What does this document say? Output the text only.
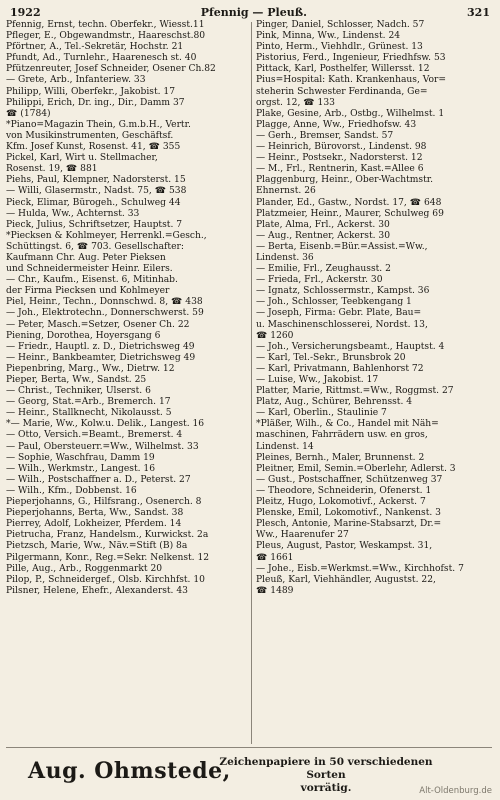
1922	Pfennig — Pleuß.	321
Pfennig, Ernst, techn. Oberfekr., Wiesst.11
Pfleger, E., Obgewandmstr., Haareschst.80
Pförtner, A., Tel.-Sekretär, Hochstr. 21
Pfundt, Ad., Turnlehr., Haarenesch st. 40
Pfützenreuter, Josef Schneider, Osener Ch.82
— Grete, Arb., Infanteriew. 33
Philipp, Willi, Oberfekr., Jakobist. 17
Philippi, Erich, Dr. ing., Dir., Damm 37
☎ (1784)
*Piano=Magazin Thein, G.m.b.H., Vertr.
von Musikinstrumenten, Geschäftsf.
Kfm. Josef Kunst, Rosenst. 41, ☎ 355
Pickel, Karl, Wirt u. Stellmacher,
Rosenst. 19, ☎ 881
Piehs, Paul, Klempner, Nadorsterst. 15
— Willi, Glasermstr., Nadst. 75, ☎ 538
Pieck, Elimar, Bürogeh., Schulweg 44
— Hulda, Ww., Achternst. 33
Pieck, Julius, Schriftsetzer, Hauptst. 7
*Piecksen & Kohlmeyer, Herrenkl.=Gesch.,
Schüttingst. 6, ☎ 703. Gesellschafter:
Kaufmann Chr. Aug. Peter Pieksen
und Schneidermeister Heinr. Eilers.
— Chr., Kaufm., Eisenst. 6, Mitinhab.
der Firma Piecksen und Kohlmeyer
Piel, Heinr., Techn., Donnschwd. 8, ☎ 438
— Joh., Elektrotechn., Donnerschwerst. 59
— Peter, Masch.=Setzer, Osener Ch. 22
Piening, Dorothea, Hoyersgang 6
— Friedr., Hauptl. z. D., Dietrichsweg 49
— Heinr., Bankbeamter, Dietrichsweg 49
Piepenbring, Marg., Ww., Dietrw. 12
Pieper, Berta, Ww., Sandst. 25
— Christ., Techniker, Ulserst. 6
— Georg, Stat.=Arb., Bremerch. 17
— Heinr., Stallknecht, Nikolausst. 5
*— Marie, Ww., Kolw.u. Delik., Langest. 16
— Otto, Versich.=Beamt., Bremerst. 4
— Paul, Obersteuerr.=Ww., Wilhelmst. 33
— Sophie, Waschfrau, Damm 19
— Wilh., Werkmstr., Langest. 16
— Wilh., Postschaffner a. D., Peterst. 27
— Wilh., Kfm., Dobbenst. 16
Pieperjohanns, G., Hilfsrang., Osenerch. 8
Pieperjohanns, Berta, Ww., Sandst. 38
Pierrey, Adolf, Lokheizer, Pferdem. 14
Pietrucha, Franz, Handelsm., Kurwickst. 2a
Pietzsch, Marie, Ww., Näv.=Stift (B) 8a
Pilgermann, Konr., Reg.=Sekr. Nelkenst. 12
Pille, Aug., Arb., Roggenmarkt 20
Pilop, P., Schneidergef., Olsb. Kirchhfst. 10
Pilsner, Helene, Ehefr., Alexanderst. 43
Pinger, Daniel, Schlosser, Nadch. 57
Pink, Minna, Ww., Lindenst. 24
Pinto, Herm., Viehhdlr., Grünest. 13
Pistorius, Ferd., Ingenieur, Friedhfsw. 53
Pittack, Karl, Posthelfer, Willersst. 12
Pius=Hospital: Kath. Krankenhaus, Vor=
steherin Schwester Ferdinanda, Ge=
orgst. 12, ☎ 133
Plake, Gesine, Arb., Ostbg., Wilhelmst. 1
Plagge, Anne, Ww., Friedhofsw. 43
— Gerh., Bremser, Sandst. 57
— Heinrich, Bürovorst., Lindenst. 98
— Heinr., Postsekr., Nadorsterst. 12
— M., Frl., Rentnerin, Kast.=Allee 6
Plaggenburg, Heinr., Ober-Wachtmstr.
Ehnernst. 26
Plander, Ed., Gastw., Nordst. 17, ☎ 648
Platzmeier, Heinr., Maurer, Schulweg 69
Plate, Alma, Frl., Ackerst. 30
— Aug., Rentner, Ackerst. 30
— Berta, Eisenb.=Bür.=Assist.=Ww.,
Lindenst. 36
— Emilie, Frl., Zeughausst. 2
— Frieda, Frl., Ackerstr. 30
— Ignatz, Schlossermstr., Kampst. 36
— Joh., Schlosser, Teebkengang 1
— Joseph, Firma: Gebr. Plate, Bau=
u. Maschinenschlosserei, Nordst. 13,
☎ 1260
— Joh., Versicherungsbeamt., Hauptst. 4
— Karl, Tel.-Sekr., Brunsbrok 20
— Karl, Privatmann, Bahlenhorst 72
— Luise, Ww., Jakobist. 17
Platter, Marie, Rittmst.=Ww., Roggmst. 27
Platz, Aug., Schürer, Behrensst. 4
— Karl, Oberlin., Staulinie 7
*Pläßer, Wilh., & Co., Handel mit Näh=
maschinen, Fahrrädern usw. en gros,
Lindenst. 14
Pleines, Bernh., Maler, Brunnenst. 2
Pleitner, Emil, Semin.=Oberlehr, Adlerst. 3
— Gust., Postschaffner, Schützenweg 37
— Theodore, Schneiderin, Ofenerst. 1
Pleitz, Hugo, Lokomotivf., Ackerst. 7
Plenske, Emil, Lokomotivf., Nankenst. 3
Plesch, Antonie, Marine-Stabsarzt, Dr.=
Ww., Haarenufer 27
Pleus, August, Pastor, Weskampst. 31,
☎ 1661
— Johe., Eisb.=Werkmst.=Ww., Kirchhofst. 7
Pleuß, Karl, Viehhändler, Augustst. 22,
☎ 1489
Aug. Ohmstede,
Zeichenpapiere in 50 verschiedenen Sorten
vorrätig.	Alt-Oldenburg.de
